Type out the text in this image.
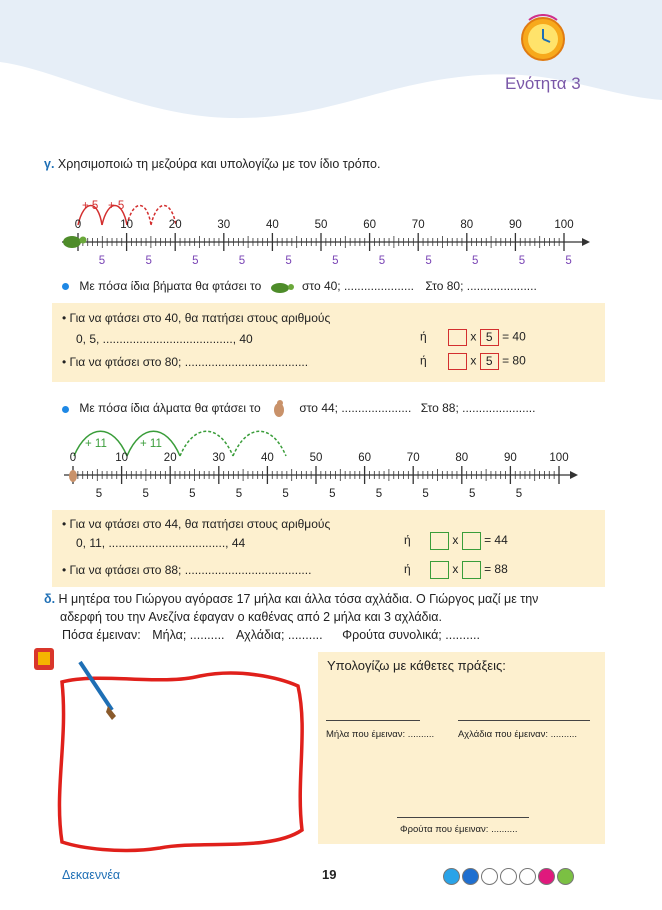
Ενότητα 3
γ. Χρησιμοποιώ τη μεζούρα και υπολογίζω με τον ίδιο τρόπο.
+ 5 + 5
0	10	20	30	40	50	60	70	80	90	100
5	5	5	5	5	5	5	5	5	5	5
Με πόσα ίδια βήματα θα φτάσει το	στο 40; ..................... Στο 80; .....................
• Για να φτάσει στο 40, θα πατήσει στους αριθμούς
0, 5, ......................................., 40
• Για να φτάσει στο 80; .....................................
ή	x 5 = 40
ή	x 5 = 80
Με πόσα ίδια άλματα θα φτάσει το	στο 44; ..................... Στο 88; ......................
+ 11	+ 11
0	10	20	30	40	50	60	70	80	90	100
5	5	5	5	5	5	5	5	5	5
• Για να φτάσει στο 44, θα πατήσει στους αριθμούς
0, 11, ..................................., 44
• Για να φτάσει στο 88; ......................................
ή	x = 44
ή	x = 88
δ. Η μητέρα του Γιώργου αγόρασε 17 μήλα και άλλα τόσα αχλάδια. Ο Γιώργος μαζί με την
αδερφή του την Ανεζίνα έφαγαν ο καθένας από 2 μήλα και 3 αχλάδια.
Πόσα έμειναν: Μήλα; .......... Αχλάδια; .......... Φρούτα συνολικά; ..........
Υπολογίζω με κάθετες πράξεις:
Μήλα που έμειναν: ..........	Αχλάδια που έμειναν: ..........
Φρούτα που έμειναν: ..........
Δεκαεννέα	19
